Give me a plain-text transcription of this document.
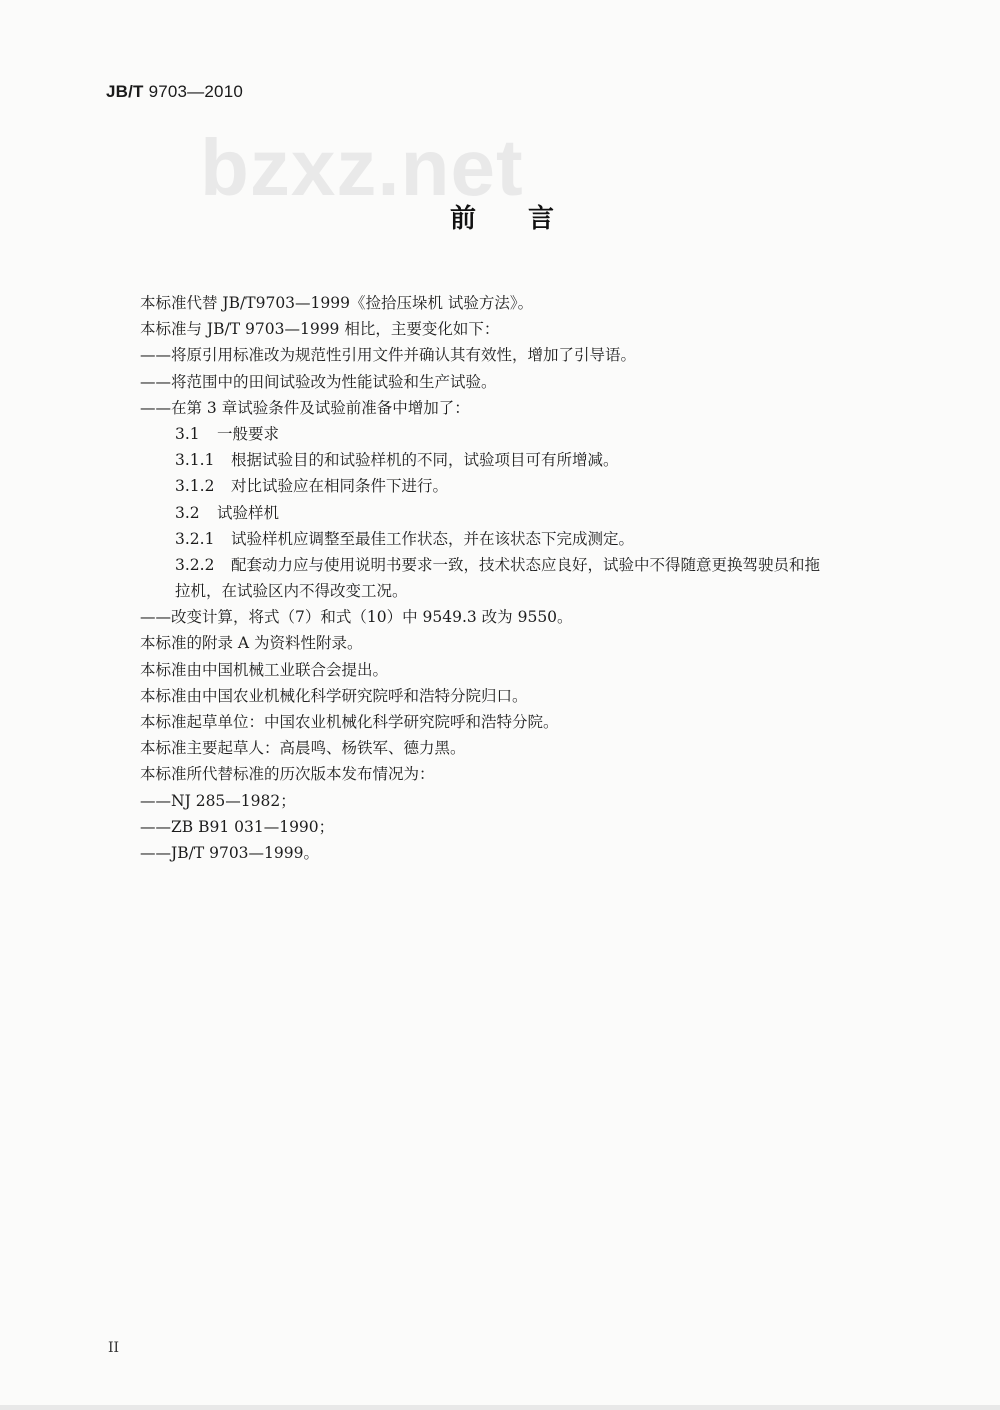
JB/T 9703—2010
bzxz.net
前言
本标准代替 JB/T9703—1999《捡拾压垛机 试验方法》。
本标准与 JB/T 9703—1999 相比，主要变化如下：
——将原引用标准改为规范性引用文件并确认其有效性，增加了引导语。
——将范围中的田间试验改为性能试验和生产试验。
——在第 3 章试验条件及试验前准备中增加了：
3.1 一般要求
3.1.1 根据试验目的和试验样机的不同，试验项目可有所增减。
3.1.2 对比试验应在相同条件下进行。
3.2 试验样机
3.2.1 试验样机应调整至最佳工作状态，并在该状态下完成测定。
3.2.2 配套动力应与使用说明书要求一致，技术状态应良好，试验中不得随意更换驾驶员和拖
拉机，在试验区内不得改变工况。
——改变计算，将式（7）和式（10）中 9549.3 改为 9550。
本标准的附录 A 为资料性附录。
本标准由中国机械工业联合会提出。
本标准由中国农业机械化科学研究院呼和浩特分院归口。
本标准起草单位：中国农业机械化科学研究院呼和浩特分院。
本标准主要起草人：高晨鸣、杨铁军、德力黑。
本标准所代替标准的历次版本发布情况为：
——NJ 285—1982；
——ZB B91 031—1990；
——JB/T 9703—1999。
II
